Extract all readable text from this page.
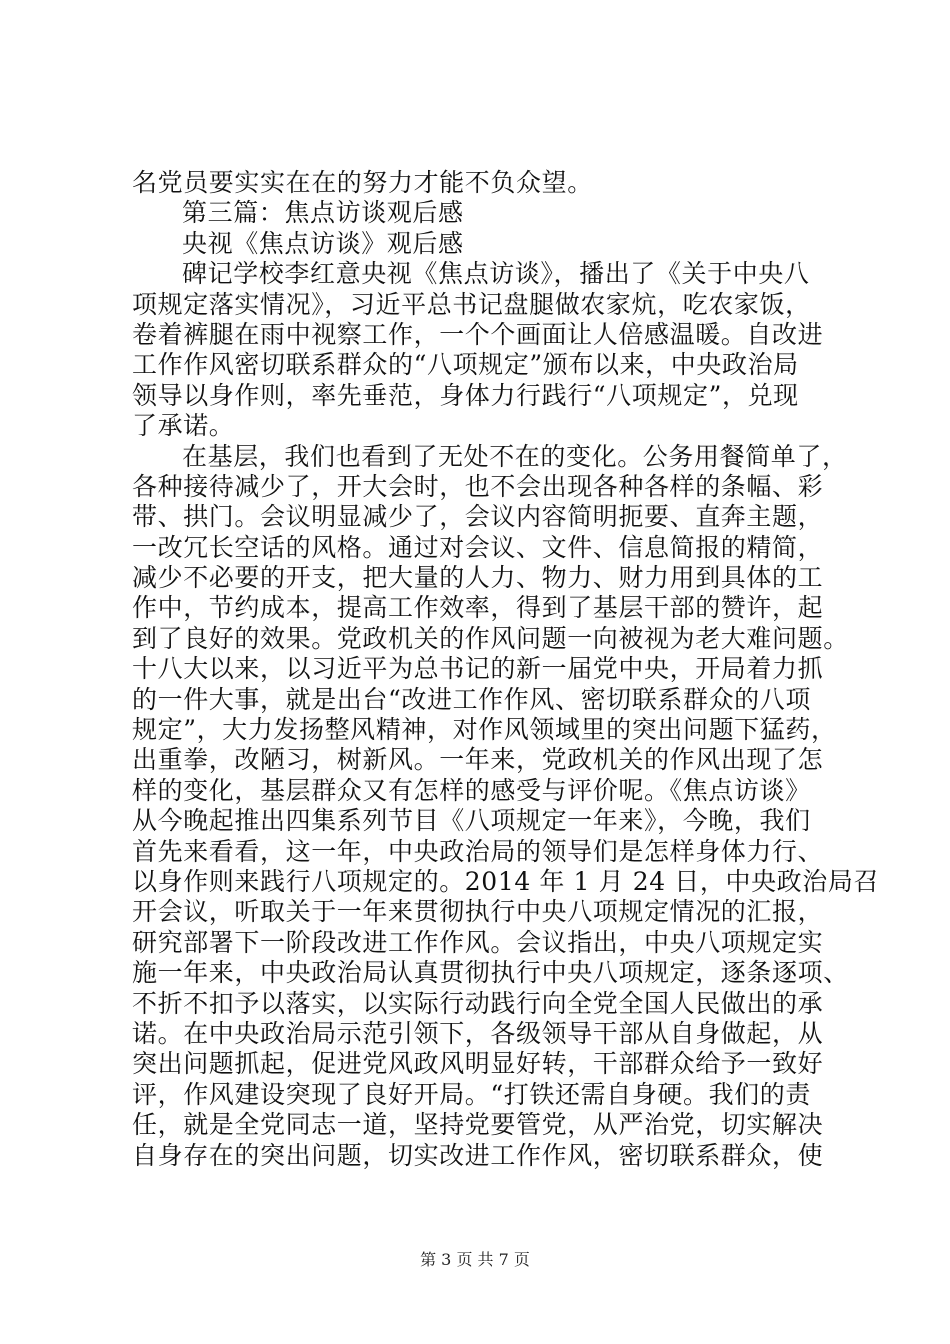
名党员要实实在在的努力才能不负众望。
第三篇：焦点访谈观后感
央视《焦点访谈》观后感
碑记学校李红意央视《焦点访谈》，播出了《关于中央八
项规定落实情况》，习近平总书记盘腿做农家炕，吃农家饭，
卷着裤腿在雨中视察工作，一个个画面让人倍感温暖。自改进
工作作风密切联系群众的“八项规定”颁布以来，中央政治局
领导以身作则，率先垂范，身体力行践行“八项规定”，兑现
了承诺。
在基层，我们也看到了无处不在的变化。公务用餐简单了，
各种接待减少了，开大会时，也不会出现各种各样的条幅、彩
带、拱门。会议明显减少了，会议内容简明扼要、直奔主题，
一改冗长空话的风格。通过对会议、文件、信息简报的精简，
减少不必要的开支，把大量的人力、物力、财力用到具体的工
作中，节约成本，提高工作效率，得到了基层干部的赞许，起
到了良好的效果。党政机关的作风问题一向被视为老大难问题。
十八大以来，以习近平为总书记的新一届党中央，开局着力抓
的一件大事，就是出台“改进工作作风、密切联系群众的八项
规定”，大力发扬整风精神，对作风领域里的突出问题下猛药，
出重拳，改陋习，树新风。一年来，党政机关的作风出现了怎
样的变化，基层群众又有怎样的感受与评价呢。《焦点访谈》
从今晚起推出四集系列节目《八项规定一年来》，今晚，我们
首先来看看，这一年，中央政治局的领导们是怎样身体力行、
以身作则来践行八项规定的。2014 年 1 月 24 日，中央政治局召
开会议，听取关于一年来贯彻执行中央八项规定情况的汇报，
研究部署下一阶段改进工作作风。会议指出，中央八项规定实
施一年来，中央政治局认真贯彻执行中央八项规定，逐条逐项、
不折不扣予以落实，以实际行动践行向全党全国人民做出的承
诺。在中央政治局示范引领下，各级领导干部从自身做起，从
突出问题抓起，促进党风政风明显好转，干部群众给予一致好
评，作风建设突现了良好开局。“打铁还需自身硬。我们的责
任，就是全党同志一道，坚持党要管党，从严治党，切实解决
自身存在的突出问题，切实改进工作作风，密切联系群众，使
第 3 页 共 7 页
